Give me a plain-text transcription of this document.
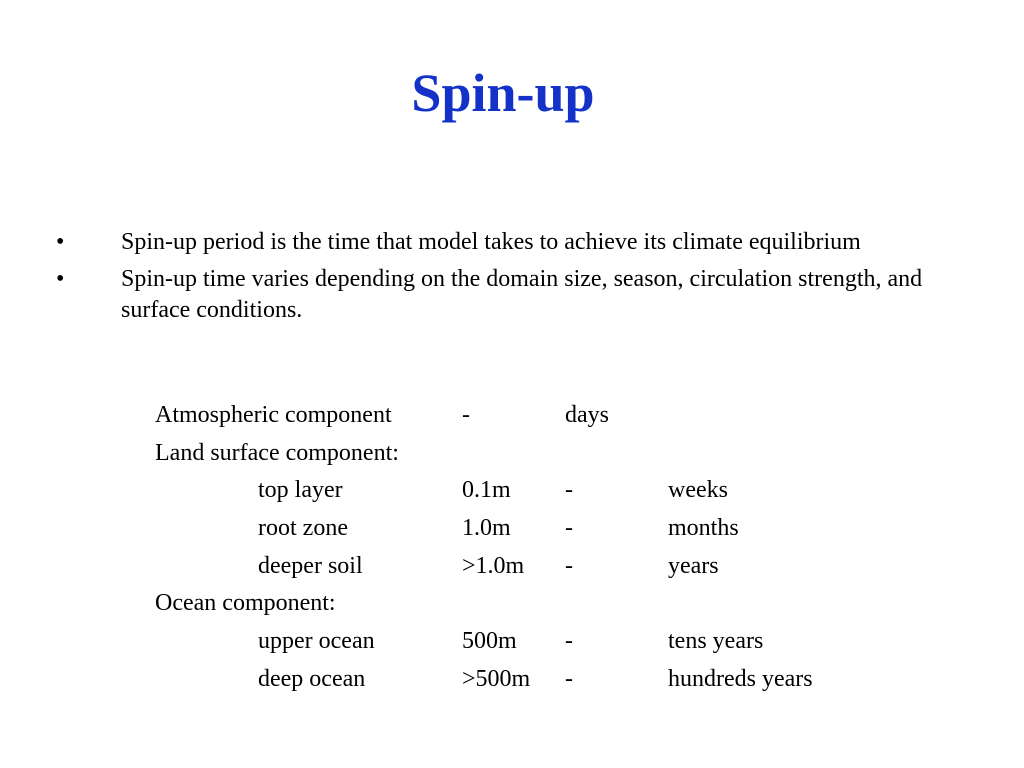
Spin-up
•	Spin-up period is the time that model takes to achieve its climate equilibrium
•	Spin-up time varies depending on the domain size, season, circulation strength, and surface conditions.
Atmospheric component	-	days
Land surface component:
top layer	0.1m -	weeks
root zone	1.0m -	months
deeper soil	>1.0m -	years
Ocean component:
upper ocean	500m -	tens years
deep ocean	>500m -	hundreds years
